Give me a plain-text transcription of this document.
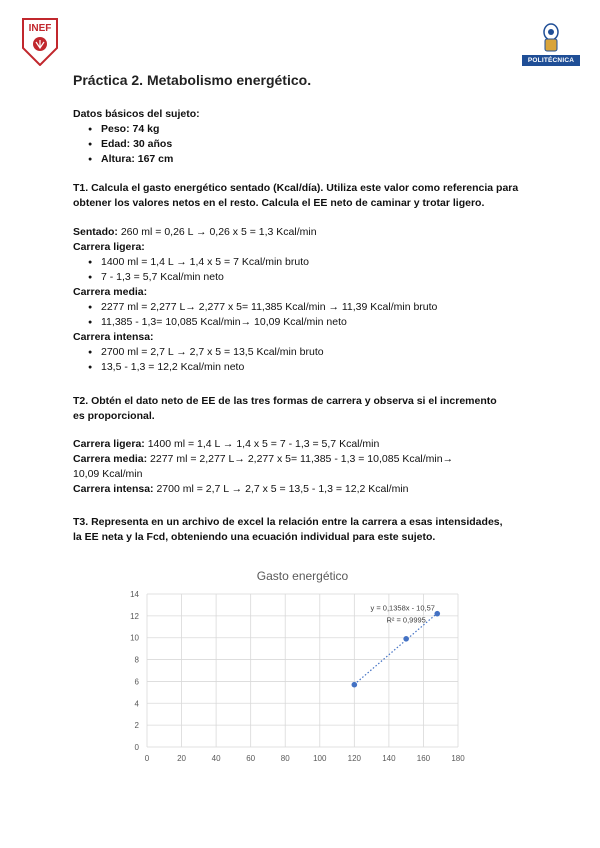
INEF
POLITÉCNICA
Práctica 2. Metabolismo energético.
Datos básicos del sujeto:
● Peso: 74 kg
● Edad: 30 años
● Altura: 167 cm
T1. Calcula el gasto energético sentado (Kcal/día). Utiliza este valor como referencia para
obtener los valores netos en el resto. Calcula el EE neto de caminar y trotar ligero.
Sentado: 260 ml = 0,26 L → 0,26 x 5 = 1,3 Kcal/min
Carrera ligera:
● 1400 ml = 1,4 L → 1,4 x 5 = 7 Kcal/min bruto
● 7 - 1,3 = 5,7 Kcal/min neto
Carrera media:
● 2277 ml = 2,277 L→ 2,277 x 5= 11,385 Kcal/min → 11,39 Kcal/min bruto
● 11,385 - 1,3= 10,085 Kcal/min→ 10,09 Kcal/min neto
Carrera intensa:
● 2700 ml = 2,7 L → 2,7 x 5 = 13,5 Kcal/min bruto
● 13,5 - 1,3 = 12,2 Kcal/min neto
T2. Obtén el dato neto de EE de las tres formas de carrera y observa si el incremento
es proporcional.
Carrera ligera: 1400 ml = 1,4 L → 1,4 x 5 = 7 - 1,3 = 5,7 Kcal/min
Carrera media: 2277 ml = 2,277 L→ 2,277 x 5= 11,385 - 1,3 = 10,085 Kcal/min→
10,09 Kcal/min
Carrera intensa: 2700 ml = 2,7 L → 2,7 x 5 = 13,5 - 1,3 = 12,2 Kcal/min
T3. Representa en un archivo de excel la relación entre la carrera a esas intensidades,
la EE neta y la Fcd, obteniendo una ecuación individual para este sujeto.
Gasto energético
0	20	40	60	80	100	120	140	160	180
0
2
4
6
8
10
12
14
y = 0,1358x - 10,57
R² = 0,9995
